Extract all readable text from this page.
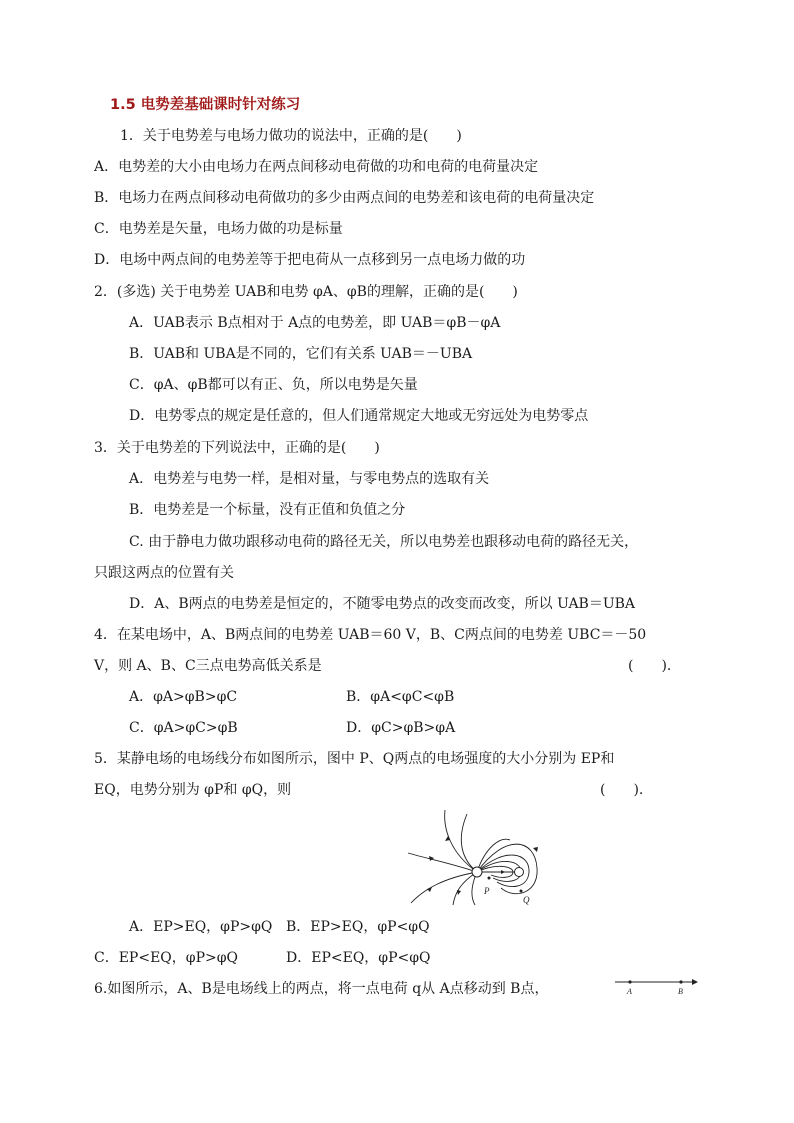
1.5 电势差基础课时针对练习
1．关于电势差与电场力做功的说法中，正确的是(　　)
A．电势差的大小由电场力在两点间移动电荷做的功和电荷的电荷量决定
B．电场力在两点间移动电荷做功的多少由两点间的电势差和该电荷的电荷量决定
C．电势差是矢量，电场力做的功是标量
D．电场中两点间的电势差等于把电荷从一点移到另一点电场力做的功
2．(多选) 关于电势差 UAB和电势 φA、φB的理解，正确的是(　　)
A．UAB表示 B点相对于 A点的电势差，即 UAB＝φB－φA
B．UAB和 UBA是不同的，它们有关系 UAB＝－UBA
C．φA、φB都可以有正、负，所以电势是矢量
D．电势零点的规定是任意的，但人们通常规定大地或无穷远处为电势零点
3．关于电势差的下列说法中，正确的是(　　)
A．电势差与电势一样，是相对量，与零电势点的选取有关
B．电势差是一个标量，没有正值和负值之分
C. 由于静电力做功跟移动电荷的路径无关，所以电势差也跟移动电荷的路径无关，
只跟这两点的位置有关
D．A、B两点的电势差是恒定的，不随零电势点的改变而改变，所以 UAB＝UBA
4．在某电场中，A、B两点间的电势差 UAB＝60 V，B、C两点间的电势差 UBC＝－50
V，则 A、B、C三点电势高低关系是	(　　).
A．φA>φB>φC	B．φA<φC<φB
C．φA>φC>φB	D．φC>φB>φA
5．某静电场的电场线分布如图所示，图中 P、Q两点的电场强度的大小分别为 EP和
EQ，电势分别为 φP和 φQ，则	(　　).
P
Q
A．EP>EQ，φP>φQ B．EP>EQ，φP<φQ
C．EP<EQ，φP>φQ	D．EP<EQ，φP<φQ
6.如图所示，A、B是电场线上的两点，将一点电荷 q从 A点移动到 B点，	A	B
